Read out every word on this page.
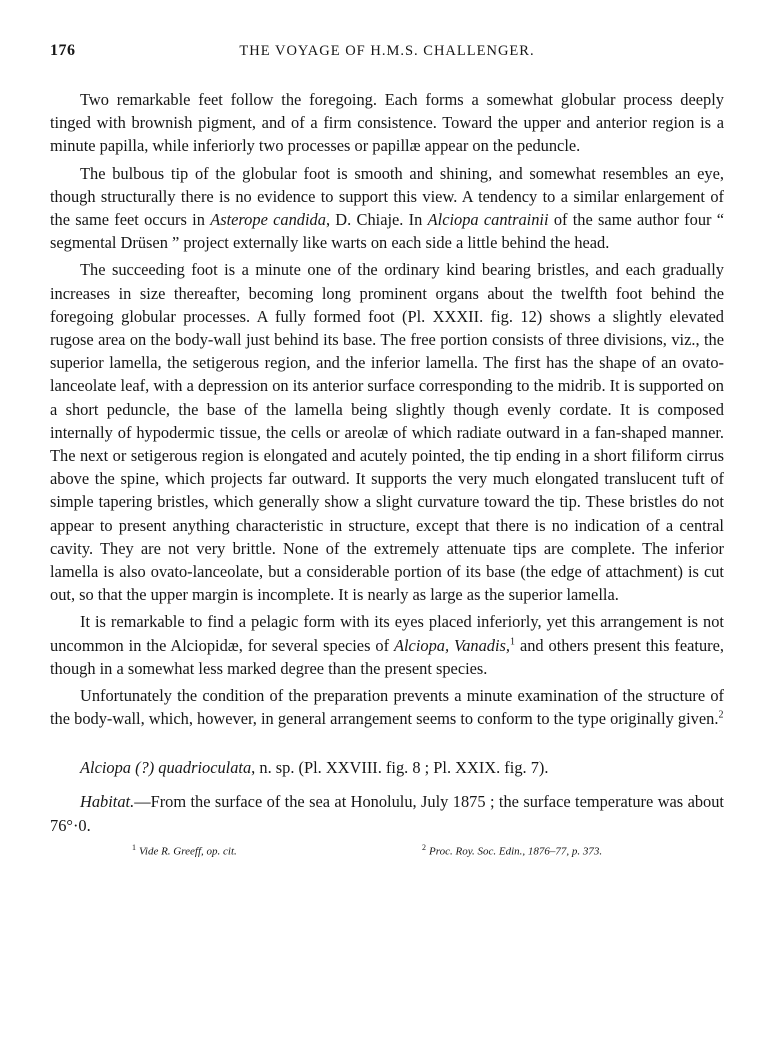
176	THE VOYAGE OF H.M.S. CHALLENGER.

Two remarkable feet follow the foregoing. Each forms a somewhat globular process deeply tinged with brownish pigment, and of a firm consistence. Toward the upper and anterior region is a minute papilla, while inferiorly two processes or papillæ appear on the peduncle.

The bulbous tip of the globular foot is smooth and shining, and somewhat resembles an eye, though structurally there is no evidence to support this view. A tendency to a similar enlargement of the same feet occurs in Asterope candida, D. Chiaje. In Alciopa cantrainii of the same author four “ segmental Drüsen ” project externally like warts on each side a little behind the head.

The succeeding foot is a minute one of the ordinary kind bearing bristles, and each gradually increases in size thereafter, becoming long prominent organs about the twelfth foot behind the foregoing globular processes. A fully formed foot (Pl. XXXII. fig. 12) shows a slightly elevated rugose area on the body-wall just behind its base. The free portion consists of three divisions, viz., the superior lamella, the setigerous region, and the inferior lamella. The first has the shape of an ovato-lanceolate leaf, with a depression on its anterior surface corresponding to the midrib. It is supported on a short peduncle, the base of the lamella being slightly though evenly cordate. It is composed internally of hypodermic tissue, the cells or areolæ of which radiate outward in a fan-shaped manner. The next or setigerous region is elongated and acutely pointed, the tip ending in a short filiform cirrus above the spine, which projects far outward. It supports the very much elongated translucent tuft of simple tapering bristles, which generally show a slight curvature toward the tip. These bristles do not appear to present anything characteristic in structure, except that there is no indication of a central cavity. They are not very brittle. None of the extremely attenuate tips are complete. The inferior lamella is also ovato-lanceolate, but a considerable portion of its base (the edge of attachment) is cut out, so that the upper margin is incomplete. It is nearly as large as the superior lamella.

It is remarkable to find a pelagic form with its eyes placed inferiorly, yet this arrangement is not uncommon in the Alciopidæ, for several species of Alciopa, Vanadis,$^1$ and others present this feature, though in a somewhat less marked degree than the present species.

Unfortunately the condition of the preparation prevents a minute examination of the structure of the body-wall, which, however, in general arrangement seems to conform to the type originally given.$^2$

Alciopa (?) quadrioculata, n. sp. (Pl. XXVIII. fig. 8 ; Pl. XXIX. fig. 7).
Habitat.—From the surface of the sea at Honolulu, July 1875 ; the surface temperature was about 76°·0.
$^1$ Vide R. Greeff, op. cit.	$^2$ Proc. Roy. Soc. Edin., 1876–77, p. 373.
